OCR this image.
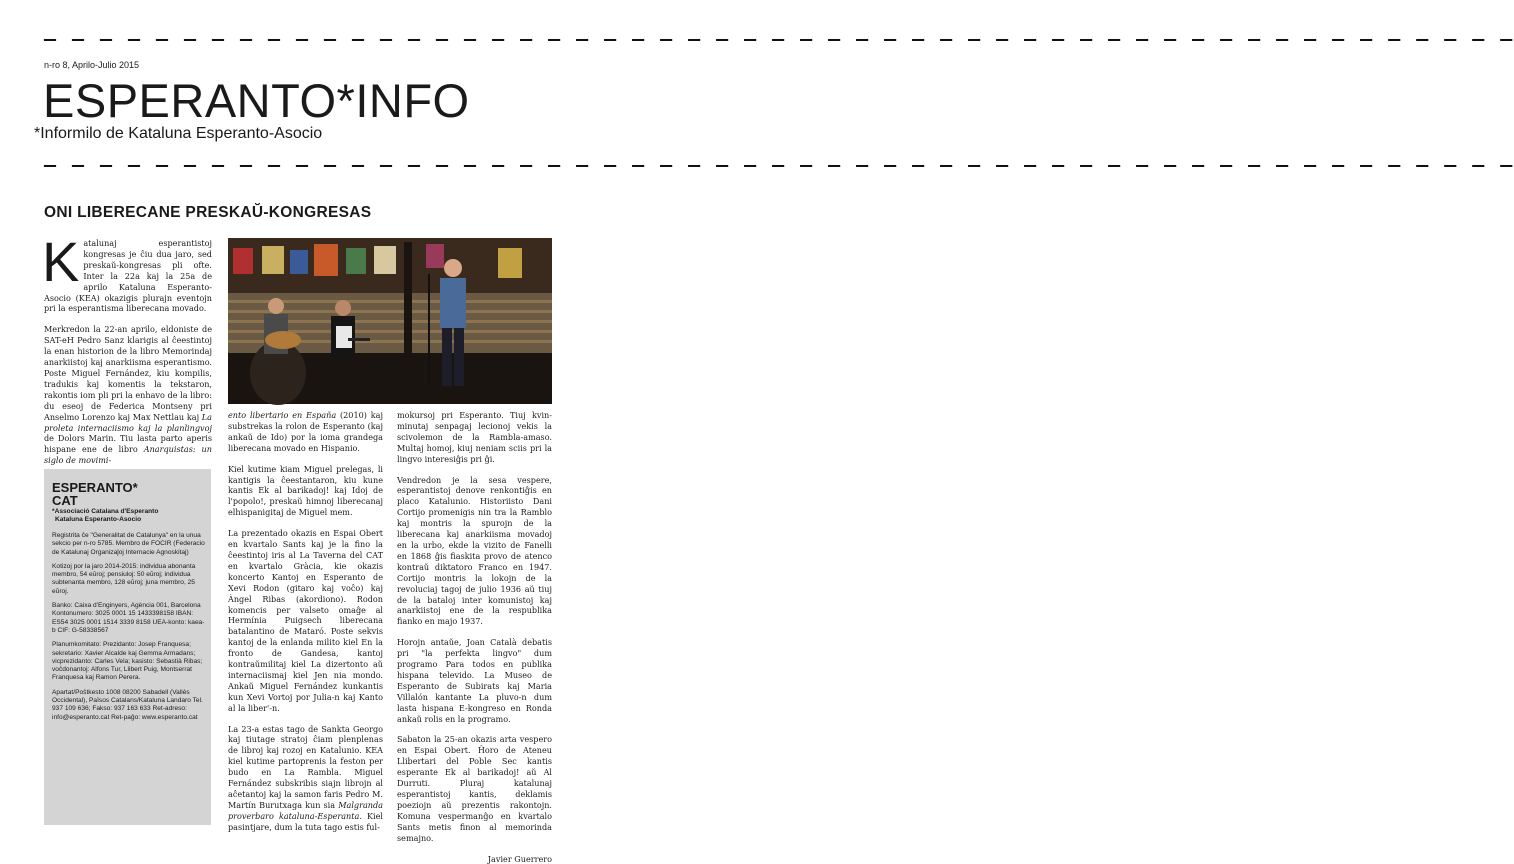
— — — — — — — — — — — — — — — — — — — — — — — — — — — — — — — — — — — — — — — — — — — — — — — — — — — — —
n-ro 8, Aprilo-Julio 2015
ESPERANTO*INFO
*Informilo de Kataluna Esperanto-Asocio
— — — — — — — — — — — — — — — — — — — — — — — — — — — — — — — — — — — — — — — — — — — — — — — — — — — — —
ONI LIBERECANE PRESKAŬ-KONGRESAS

Katalunaj esperantistoj kongresas je ĉiu dua jaro, sed preskaŭ-kongresas pli ofte. Inter la 22a kaj la 25a de aprilo Kataluna Esperanto-Asocio (KEA) okazigis plurajn eventojn pri la esperantisma liberecana movado.

Merkredon la 22-an aprilo, eldoniste de SAT-eH Pedro Sanz klarigis al ĉeestintoj la enan historion de la libro Memorindaj anarkiistoj kaj anarkiisma esperantismo. Poste Miguel Fernández, kiu kompilis, tradukis kaj komentis la tekstaron, rakontis iom pli pri la enhavo de la libro: du eseoj de Federica Montseny pri Anselmo Lorenzo kaj Max Nettlau kaj La proleta internaciismo kaj la planlingvoj de Dolors Marin. Tiu lasta parto aperis hispane ene de libro Anarquistas: un siglo de movimi-

ento libertario en España (2010) kaj substrekas la rolon de Esperanto (kaj ankaŭ de Ido) por la ioma grandega liberecana movado en Hispanio.

Kiel kutime kiam Miguel prelegas, li kantigis la ĉeestantaron, kiu kune kantis Ek al barikadoj! kaj Idoj de l'popolo!, preskaŭ himnoj liberecanaj elhispanigitaj de Miguel mem.

La prezentado okazis en Espai Obert en kvartalo Sants kaj je la fino la ĉeestintoj iris al La Taverna del CAT en kvartalo Gràcia, kie okazis koncerto Kantoj en Esperanto de Xevi Rodon (gitaro kaj voĉo) kaj Àngel Ribas (akordiono). Rodon komencis per valseto omaĝe al Hermínia Puigsech liberecana batalantino de Mataró. Poste sekvis kantoj de la enlanda milito kiel En la fronto de Gandesa, kantoj kontraŭmilitaj kiel La dizertonto aŭ internaciismaj kiel Jen nia mondo. Ankaŭ Miguel Fernández kunkantis kun Xevi Vortoj por Julia-n kaj Kanto al la liber'-n.

La 23-a estas tago de Sankta Georgo kaj tiutage stratoj ĉiam plenplenas de libroj kaj rozoj en Katalunio. KEA kiel kutime partoprenis la feston per budo en La Rambla. Miguel Fernández subskribis siajn librojn al aĉetantoj kaj la samon faris Pedro M. Martín Burutxaga kun sia Malgranda proverbaro kataluna-Esperanta. Kiel pasintjare, dum la tuta tago estis ful-

mokursoj pri Esperanto. Tiuj kvin-minutaj senpagaj lecionoj vekis la scivolemon de la Rambla-amaso. Multaj homoj, kiuj neniam sciis pri la lingvo interesiĝis pri ĝi.

Vendredon je la sesa vespere, esperantistoj denove renkontiĝis en placo Katalunio. Historiisto Dani Cortijo promenigis nin tra la Ramblo kaj montris la spurojn de la liberecana kaj anarkiisma movadoj en la urbo, ekde la vizito de Fanelli en 1868 ĝis fiaskita provo de atenco kontraŭ diktatoro Franco en 1947. Cortijo montris la lokojn de la revoluciaj tagoj de julio 1936 aŭ tiuj de la bataloj inter komunistoj kaj anarkiistoj ene de la respublika fianko en majo 1937.

Horojn antaŭe, Joan Català debatis pri "la perfekta lingvo" dum programo Para todos en publika hispana televido. La Museo de Esperanto de Subirats kaj Maria Villalón kantante La pluvo-n dum lasta hispana E-kongreso en Ronda ankaŭ rolis en la programo.

Sabaton la 25-an okazis arta vespero en Espai Obert. Ĥoro de Ateneu Llibertari del Poble Sec kantis esperante Ek al barikadoj! aŭ Al Durruti. Pluraj katalunaj esperantistoj kantis, deklamis poeziojn aŭ prezentis rakontojn. Komuna vespermanĝo en kvartalo Sants metis finon al memorinda semajno.

Javier Guerrero
ESPERANTO*
CAT
*Associació Catalana d'Esperanto
Kataluna Esperanto-Asocio

Registrita ĉe "Generalitat de Catalunya" en la unua sekcio per n-ro 5785. Membro de FOCIR (Federacio de Katalunaj Organizaĵoj Internacie Agnoskitaj)

Kotizoj por la jaro 2014-2015: individua abonanta membro, 54 eŭroj; pensiuloj: 50 eŭroj; individua subtenanta membro, 128 eŭroj; juna membro, 25 eŭroj.

Banko: Caixa d'Enginyers, Agència 001, Barcelona Kontonumero: 3025 0001 15 1433398158 IBAN: ES54 3025 0001 1514 3339 8158 UEA-konto: kaea-b CIF: G-58338567

Planumkomitato: Prezidanto: Josep Franquesa; sekretario: Xavier Alcalde kaj Gemma Armadans; vicprezidanto: Carles Vela; kasisto: Sebastià Ribas; voĉdonantoj: Alfons Tur, Llibert Puig, Montserrat Franquesa kaj Ramon Perera.

Apartat/Poŝtkesto 1008 08200 Sabadell (Vallès Occidental), Països Catalans/Kataluna Landaro Tel. 937 109 636; Fakso: 937 163 633 Ret-adreso: info@esperanto.cat Ret-paĝo: www.esperanto.cat
